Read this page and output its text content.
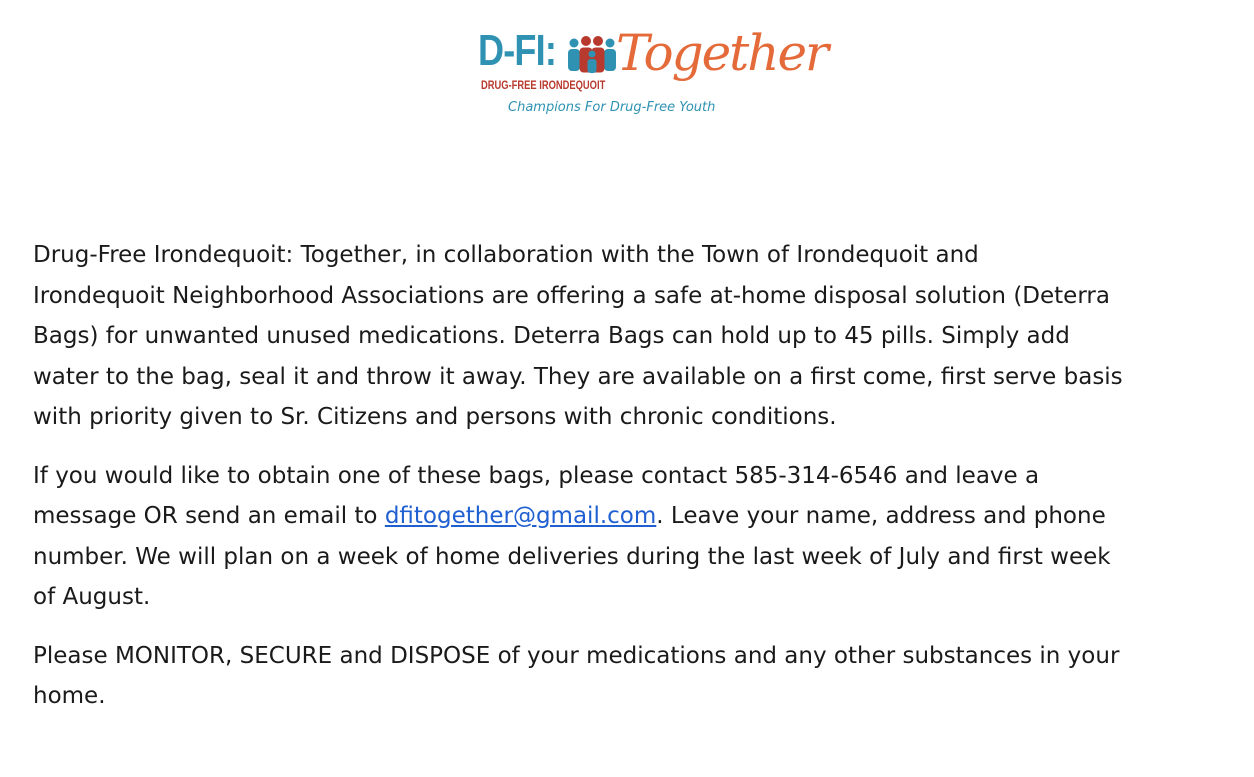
D-FI:
DRUG-FREE IRONDEQUOIT
Together
Champions For Drug-Free Youth

Drug-Free Irondequoit: Together, in collaboration with the Town of Irondequoit and
Irondequoit Neighborhood Associations are offering a safe at-home disposal solution (Deterra
Bags) for unwanted unused medications. Deterra Bags can hold up to 45 pills. Simply add
water to the bag, seal it and throw it away. They are available on a first come, first serve basis
with priority given to Sr. Citizens and persons with chronic conditions.

If you would like to obtain one of these bags, please contact 585-314-6546 and leave a
message OR send an email to dfitogether@gmail.com. Leave your name, address and phone
number. We will plan on a week of home deliveries during the last week of July and first week
of August.

Please MONITOR, SECURE and DISPOSE of your medications and any other substances in your
home.
